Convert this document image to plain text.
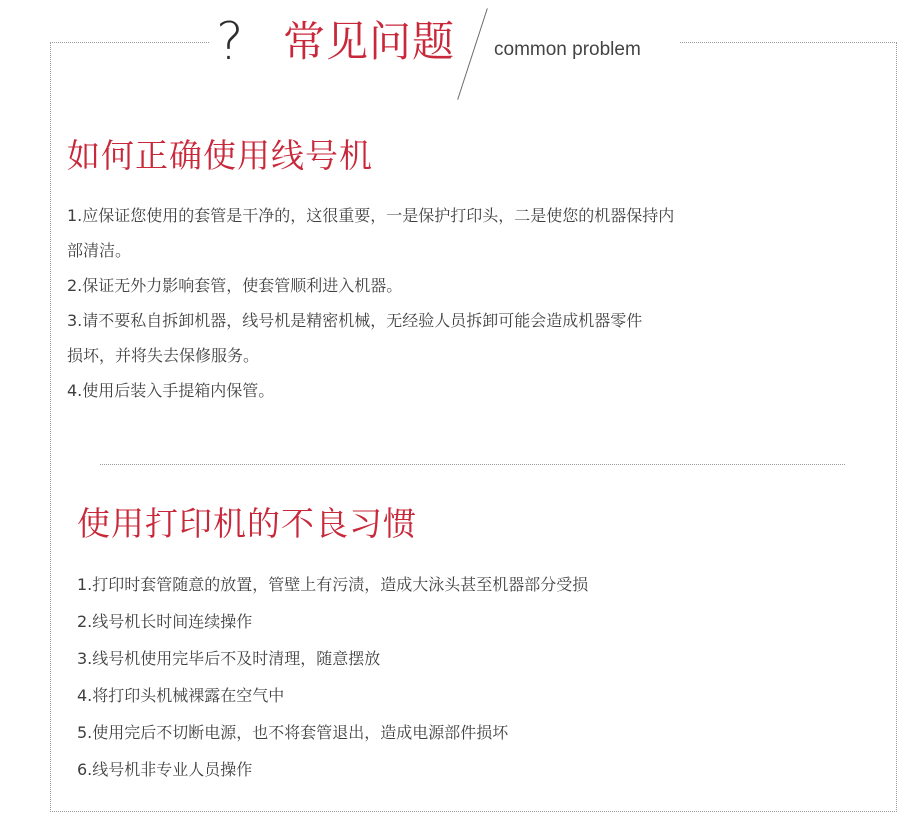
? 常见问题 common problem
如何正确使用线号机
1.应保证您使用的套管是干净的，这很重要，一是保护打印头，二是使您的机器保持内
部清洁。
2.保证无外力影响套管，使套管顺利进入机器。
3.请不要私自拆卸机器，线号机是精密机械，无经验人员拆卸可能会造成机器零件
损坏，并将失去保修服务。
4.使用后装入手提箱内保管。
使用打印机的不良习惯
1.打印时套管随意的放置，管壁上有污渍，造成大泳头甚至机器部分受损
2.线号机长时间连续操作
3.线号机使用完毕后不及时清理，随意摆放
4.将打印头机械裸露在空气中
5.使用完后不切断电源，也不将套管退出，造成电源部件损坏
6.线号机非专业人员操作
